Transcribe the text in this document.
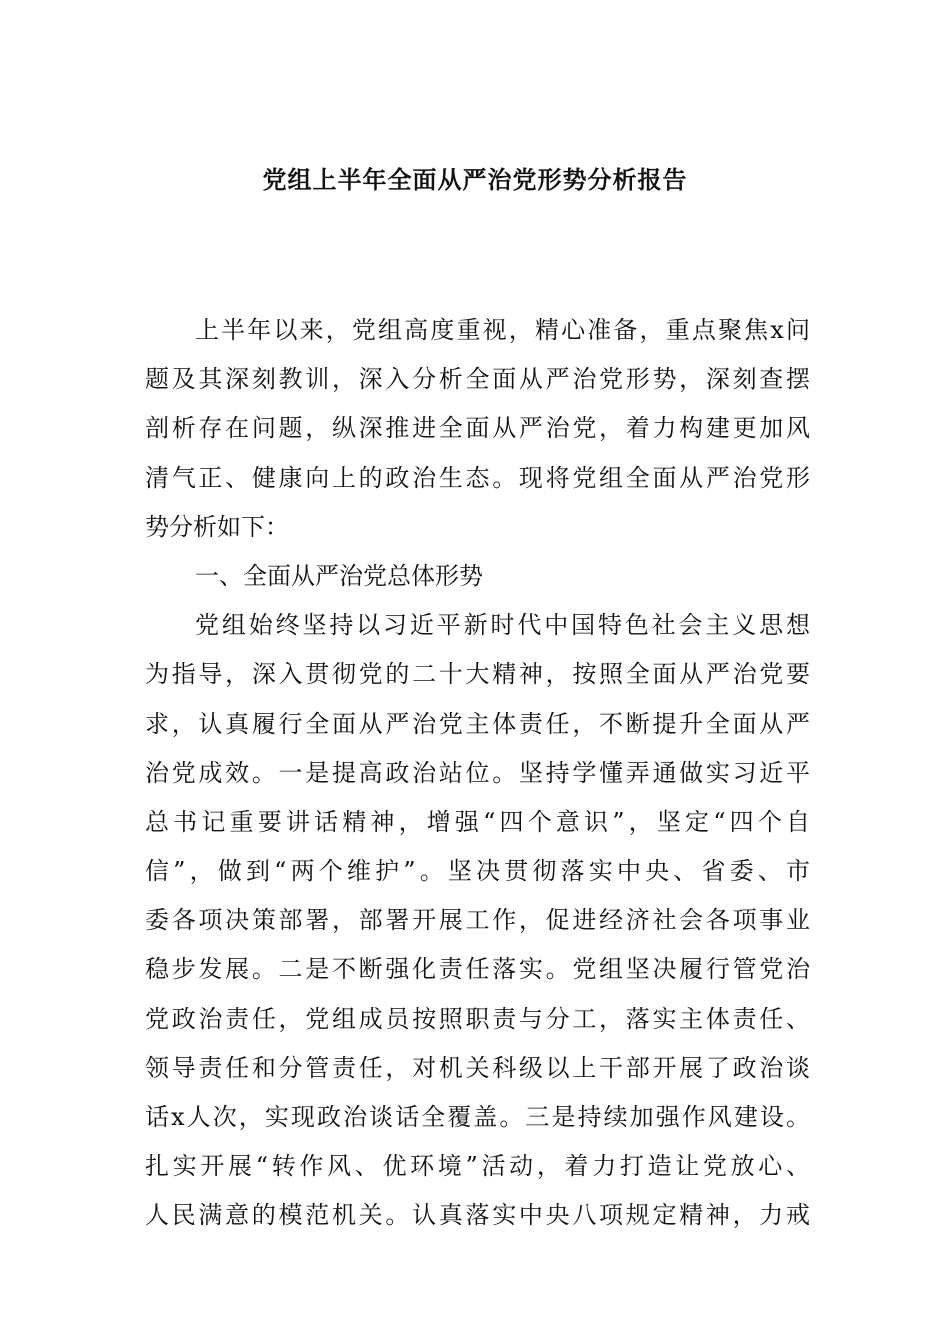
党组上半年全面从严治党形势分析报告
上半年以来，党组高度重视，精心准备，重点聚焦x问
题及其深刻教训，深入分析全面从严治党形势，深刻查摆
剖析存在问题，纵深推进全面从严治党，着力构建更加风
清气正、健康向上的政治生态。现将党组全面从严治党形
势分析如下：
一、全面从严治党总体形势
党组始终坚持以习近平新时代中国特色社会主义思想
为指导，深入贯彻党的二十大精神，按照全面从严治党要
求，认真履行全面从严治党主体责任，不断提升全面从严
治党成效。一是提高政治站位。坚持学懂弄通做实习近平
总书记重要讲话精神，增强“四个意识”，坚定“四个自
信”，做到“两个维护”。坚决贯彻落实中央、省委、市
委各项决策部署，部署开展工作，促进经济社会各项事业
稳步发展。二是不断强化责任落实。党组坚决履行管党治
党政治责任，党组成员按照职责与分工，落实主体责任、
领导责任和分管责任，对机关科级以上干部开展了政治谈
话x人次，实现政治谈话全覆盖。三是持续加强作风建设。
扎实开展“转作风、优环境”活动，着力打造让党放心、
人民满意的模范机关。认真落实中央八项规定精神，力戒
